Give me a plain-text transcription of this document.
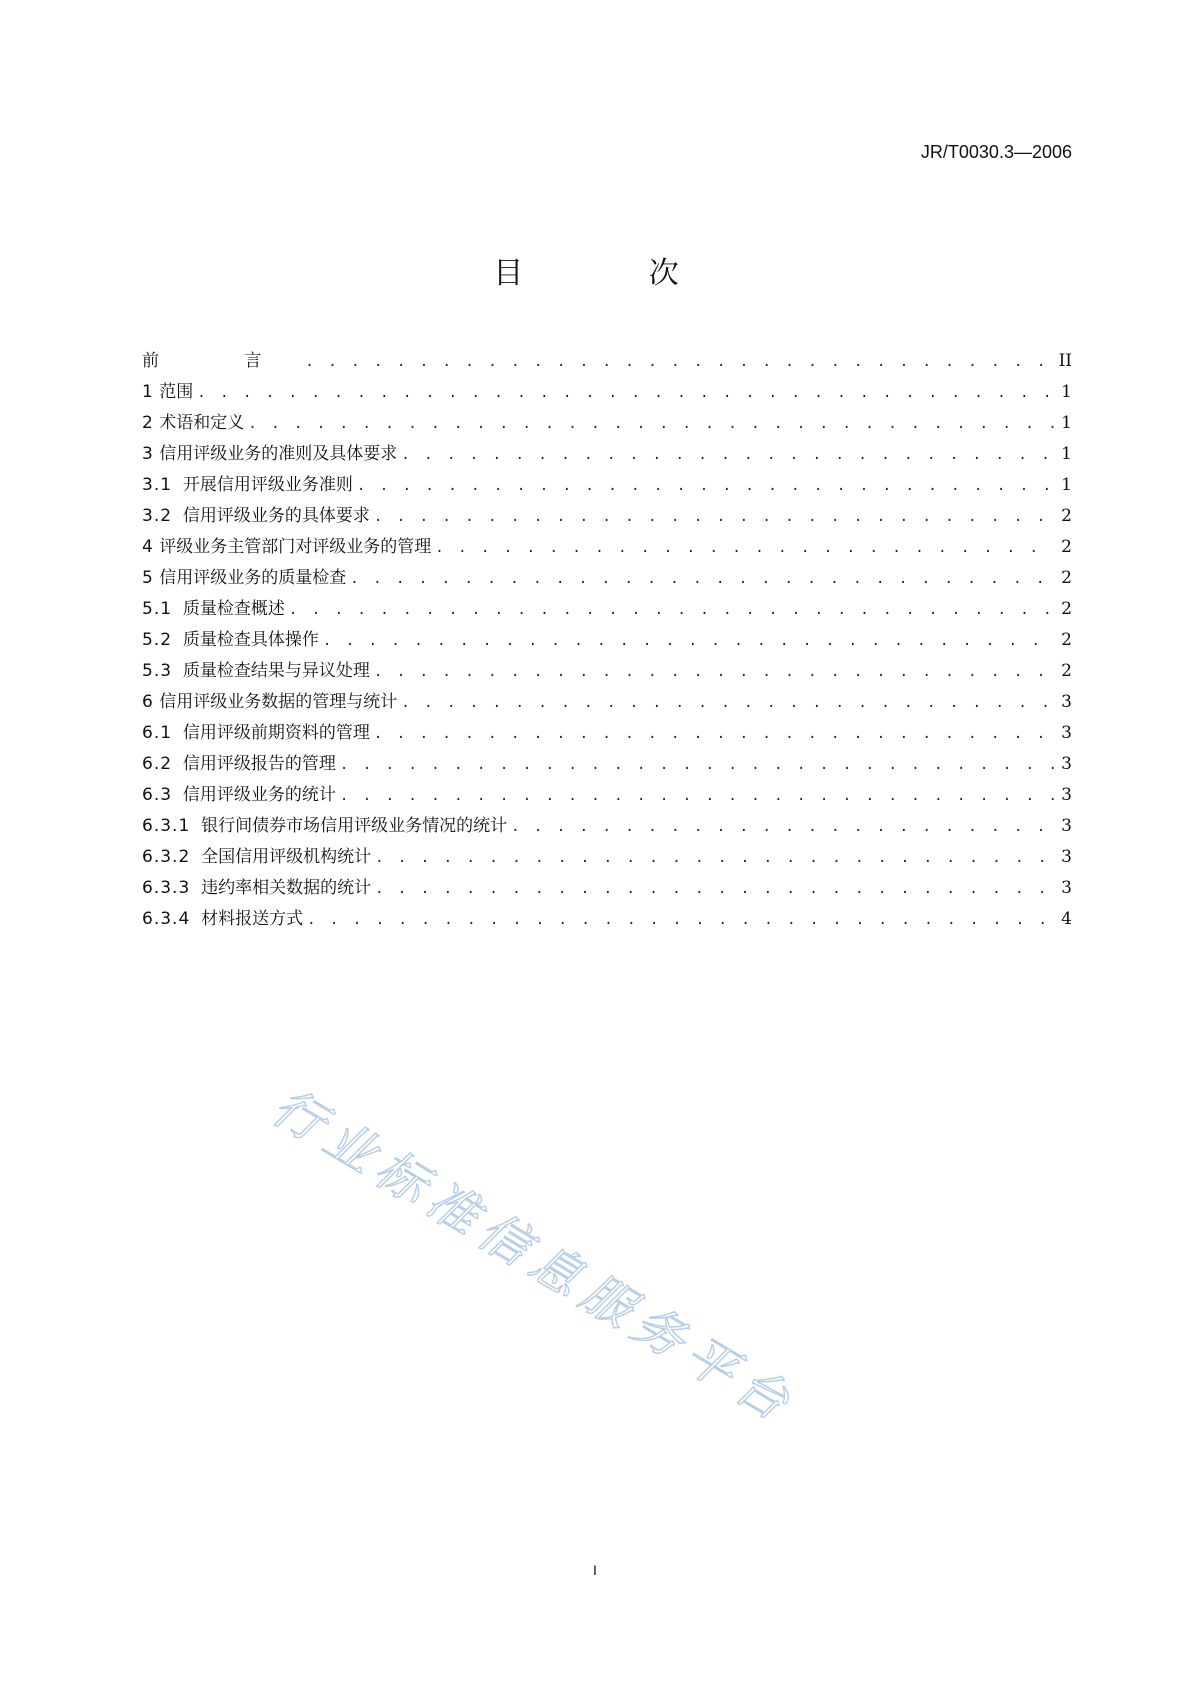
JR/T0030.3—2006
目 次
前 言 . . .	II
1 范围 . . .	1
2 术语和定义 . . .	1
3 信用评级业务的准则及具体要求 . . .	1
3.1 开展信用评级业务准则 . . .	1
3.2 信用评级业务的具体要求 . . .	2
4 评级业务主管部门对评级业务的管理 . . .	2
5 信用评级业务的质量检查 . . .	2
5.1 质量检查概述 . . .	2
5.2 质量检查具体操作 . . .	2
5.3 质量检查结果与异议处理 . . .	2
6 信用评级业务数据的管理与统计 . . .	3
6.1 信用评级前期资料的管理 . . .	3
6.2 信用评级报告的管理 . . .	3
6.3 信用评级业务的统计 . . .	3
6.3.1 银行间债券市场信用评级业务情况的统计 . . .	3
6.3.2 全国信用评级机构统计 . . .	3
6.3.3 违约率相关数据的统计 . . .	3
6.3.4 材料报送方式 . . .	4
行业标准信息服务平台
I
